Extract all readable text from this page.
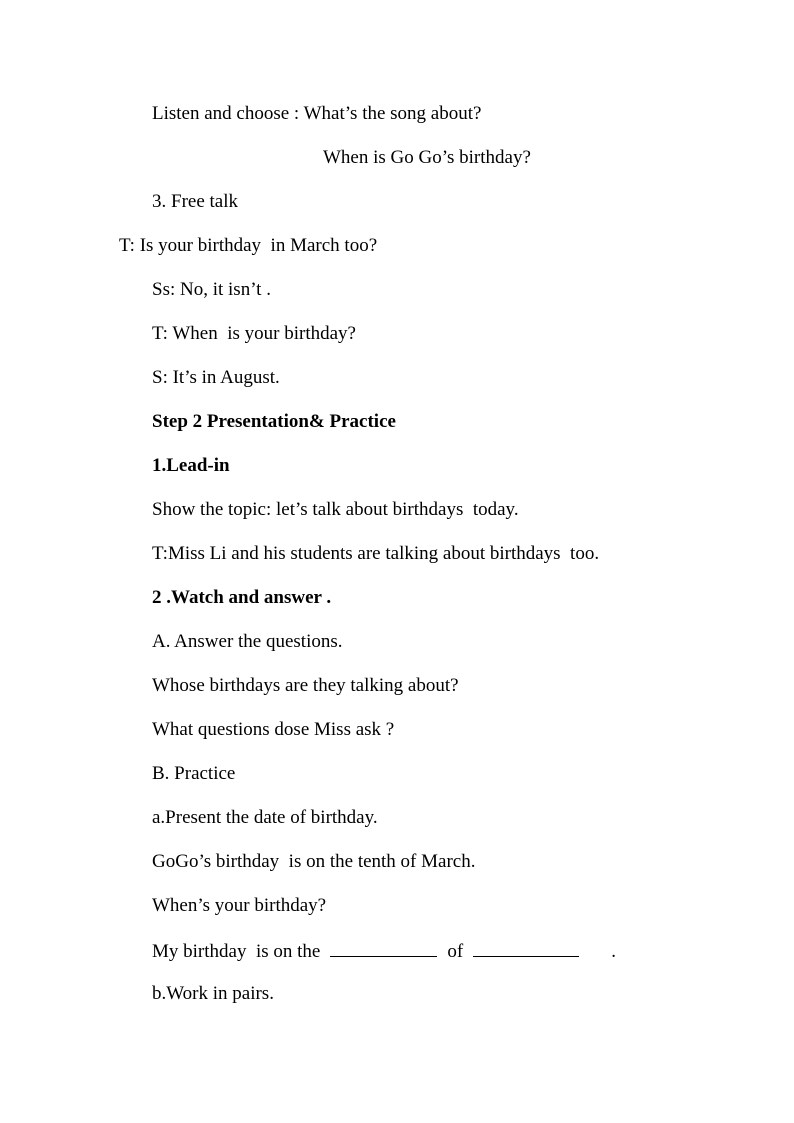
Listen and choose : What’s the song about?

When is Go Go’s birthday?

3. Free talk

T: Is your birthday  in March too?

Ss: No, it isn’t .

T: When  is your birthday?

S: It’s in August.

Step 2 Presentation& Practice

1.Lead-in

Show the topic: let’s talk about birthdays  today.

T:Miss Li and his students are talking about birthdays  too.

2 .Watch and answer .

A. Answer the questions.

Whose birthdays are they talking about?

What questions dose Miss ask ?

B. Practice

a.Present the date of birthday.

GoGo’s birthday  is on the tenth of March.

When’s your birthday?

My birthday  is on the	of	.

b.Work in pairs.
